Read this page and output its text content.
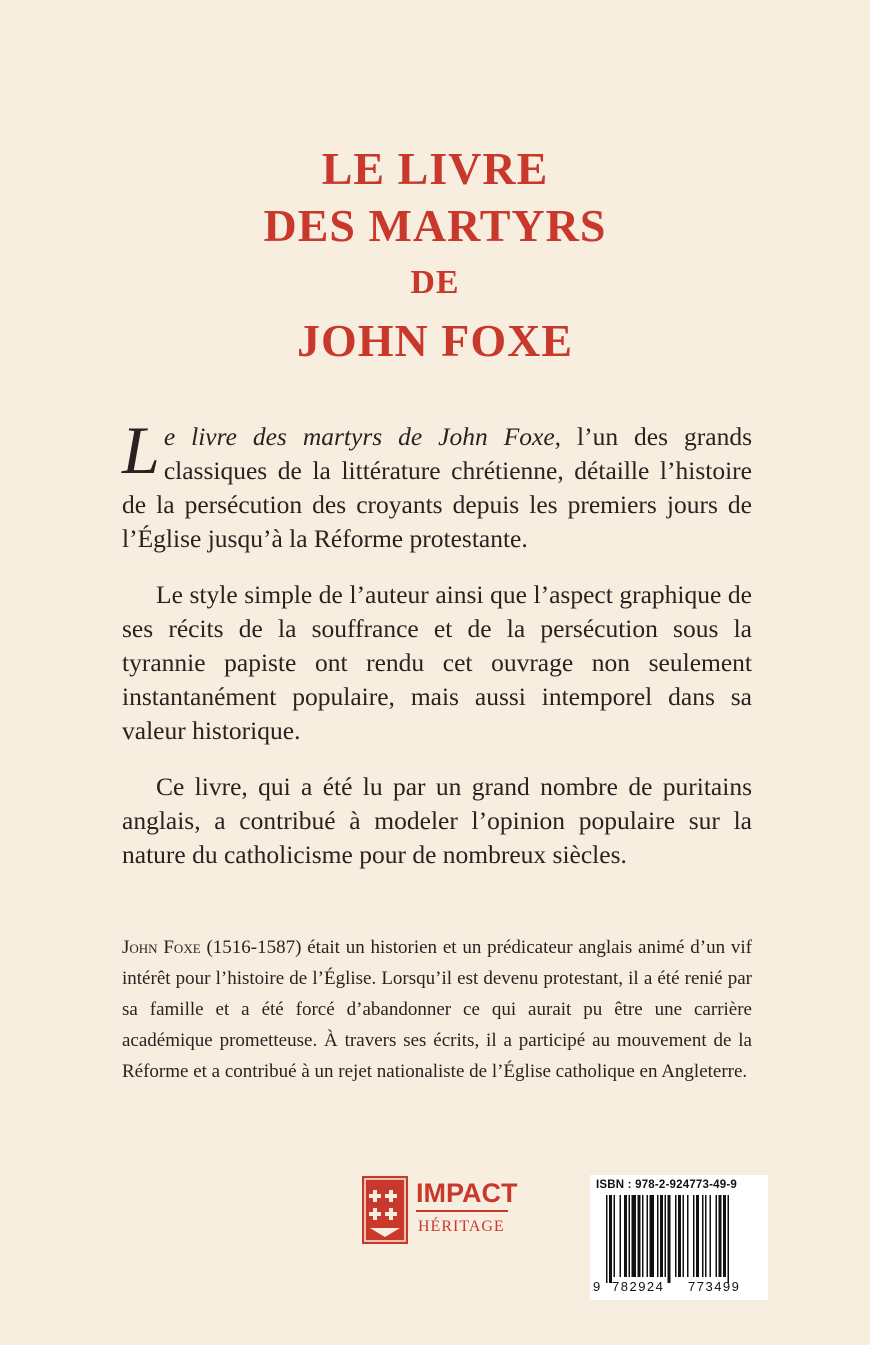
LE LIVRE
DES MARTYRS
DE
JOHN FOXE

Le livre des martyrs de John Foxe, l’un des grands classiques de la littérature chrétienne, détaille l’histoire de la persécution des croyants depuis les premiers jours de l’Église jusqu’à la Réforme protestante.

Le style simple de l’auteur ainsi que l’aspect graphique de ses récits de la souffrance et de la persécution sous la tyrannie papiste ont rendu cet ouvrage non seulement instantanément populaire, mais aussi intemporel dans sa valeur historique.

Ce livre, qui a été lu par un grand nombre de puritains anglais, a contribué à modeler l’opinion populaire sur la nature du catholicisme pour de nombreux siècles.

John Foxe (1516-1587) était un historien et un prédicateur anglais animé d’un vif intérêt pour l’histoire de l’Église. Lorsqu’il est devenu protestant, il a été renié par sa famille et a été forcé d’abandonner ce qui aurait pu être une carrière académique prometteuse. À travers ses écrits, il a participé au mouvement de la Réforme et a contribué à un rejet nationaliste de l’Église catholique en Angleterre.
IMPACT
HÉRITAGE
ISBN : 978-2-924773-49-9
9 782924 773499
